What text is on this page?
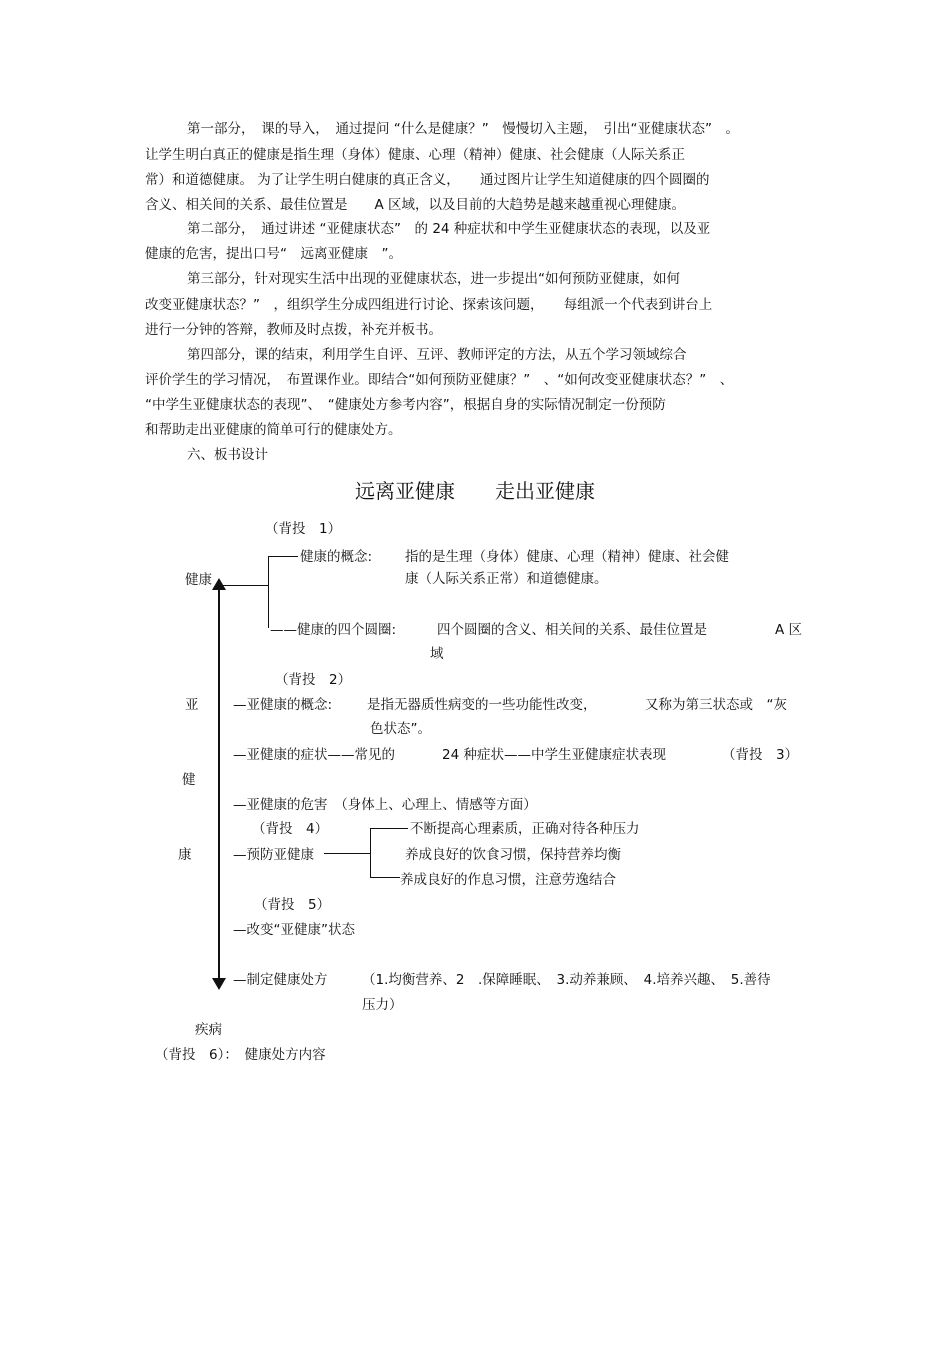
第一部分，　课的导入，　通过提问 “什么是健康？”　慢慢切入主题，　引出“亚健康状态”　。
让学生明白真正的健康是指生理（身体）健康、心理（精神）健康、社会健康（人际关系正
常）和道德健康。 为了让学生明白健康的真正含义，　　通过图片让学生知道健康的四个圆圈的
含义、相关间的关系、最佳位置是　　A 区域，以及目前的大趋势是越来越重视心理健康。
第二部分，　通过讲述 “亚健康状态”　的 24 种症状和中学生亚健康状态的表现，以及亚
健康的危害，提出口号“　远离亚健康　”。
第三部分，针对现实生活中出现的亚健康状态，进一步提出“如何预防亚健康，如何
改变亚健康状态？”　，组织学生分成四组进行讨论、探索该问题，　　每组派一个代表到讲台上
进行一分钟的答辩，教师及时点拨，补充并板书。
第四部分，课的结束，利用学生自评、互评、教师评定的方法，从五个学习领域综合
评价学生的学习情况，　布置课作业。即结合“如何预防亚健康？”　、“如何改变亚健康状态？”　、
“中学生亚健康状态的表现”、　“健康处方参考内容”，根据自身的实际情况制定一份预防
和帮助走出亚健康的简单可行的健康处方。
六、板书设计
远离亚健康　　走出亚健康
（背投　1）
健康
健康的概念: 指的是生理（身体）健康、心理（精神）健康、社会健
康（人际关系正常）和道德健康。
——健康的四个圆圈:	四个圆圈的含义、相关间的关系、最佳位置是	A 区
域
（背投　2）
亚	—亚健康的概念:	是指无器质性病变的一些功能性改变，	又称为第三状态或　“灰
色状态”。
—亚健康的症状——常见的	24 种症状——中学生亚健康症状表现	（背投　3）
健
—亚健康的危害　（身体上、心理上、情感等方面）
（背投　4）
康	—预防亚健康
不断提高心理素质，正确对待各种压力
养成良好的饮食习惯，保持营养均衡
养成良好的作息习惯，注意劳逸结合
（背投　5）
—改变“亚健康”状态
—制定健康处方	（1.均衡营养、2　.保障睡眠、　3.动养兼顾、　4.培养兴趣、　5.善待
压力）
疾病
（背投　6）：　健康处方内容
